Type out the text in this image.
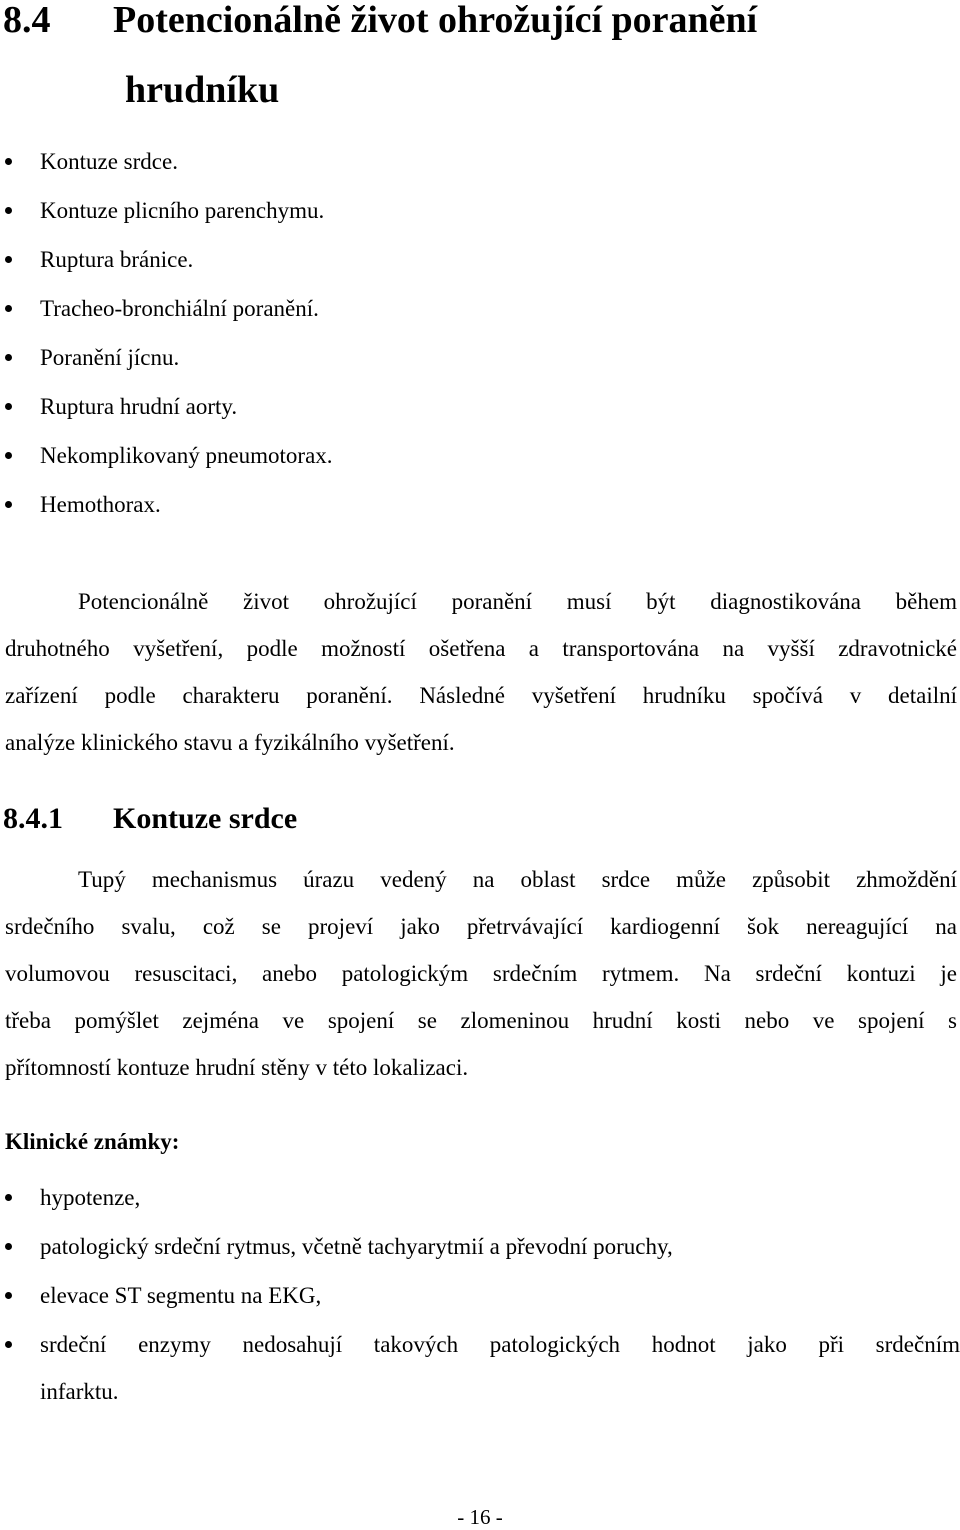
8.4 Potencionálně život ohrožující poranění
hrudníku
Kontuze srdce.
Kontuze plicního parenchymu.
Ruptura bránice.
Tracheo-bronchiální poranění.
Poranění jícnu.
Ruptura hrudní aorty.
Nekomplikovaný pneumotorax.
Hemothorax.
Potencionálně život ohrožující poranění musí být diagnostikována během
druhotného vyšetření, podle možností ošetřena a transportována na vyšší zdravotnické
zařízení podle charakteru poranění. Následné vyšetření hrudníku spočívá v detailní
analýze klinického stavu a fyzikálního vyšetření.
8.4.1 Kontuze srdce
Tupý mechanismus úrazu vedený na oblast srdce může způsobit zhmoždění
srdečního svalu, což se projeví jako přetrvávající kardiogenní šok nereagující na
volumovou resuscitaci, anebo patologickým srdečním rytmem. Na srdeční kontuzi je
třeba pomýšlet zejména ve spojení se zlomeninou hrudní kosti nebo ve spojení s
přítomností kontuze hrudní stěny v této lokalizaci.
Klinické známky:
hypotenze,
patologický srdeční rytmus, včetně tachyarytmií a převodní poruchy,
elevace ST segmentu na EKG,
srdeční enzymy nedosahují takových patologických hodnot jako při srdečním
infarktu.
- 16 -
